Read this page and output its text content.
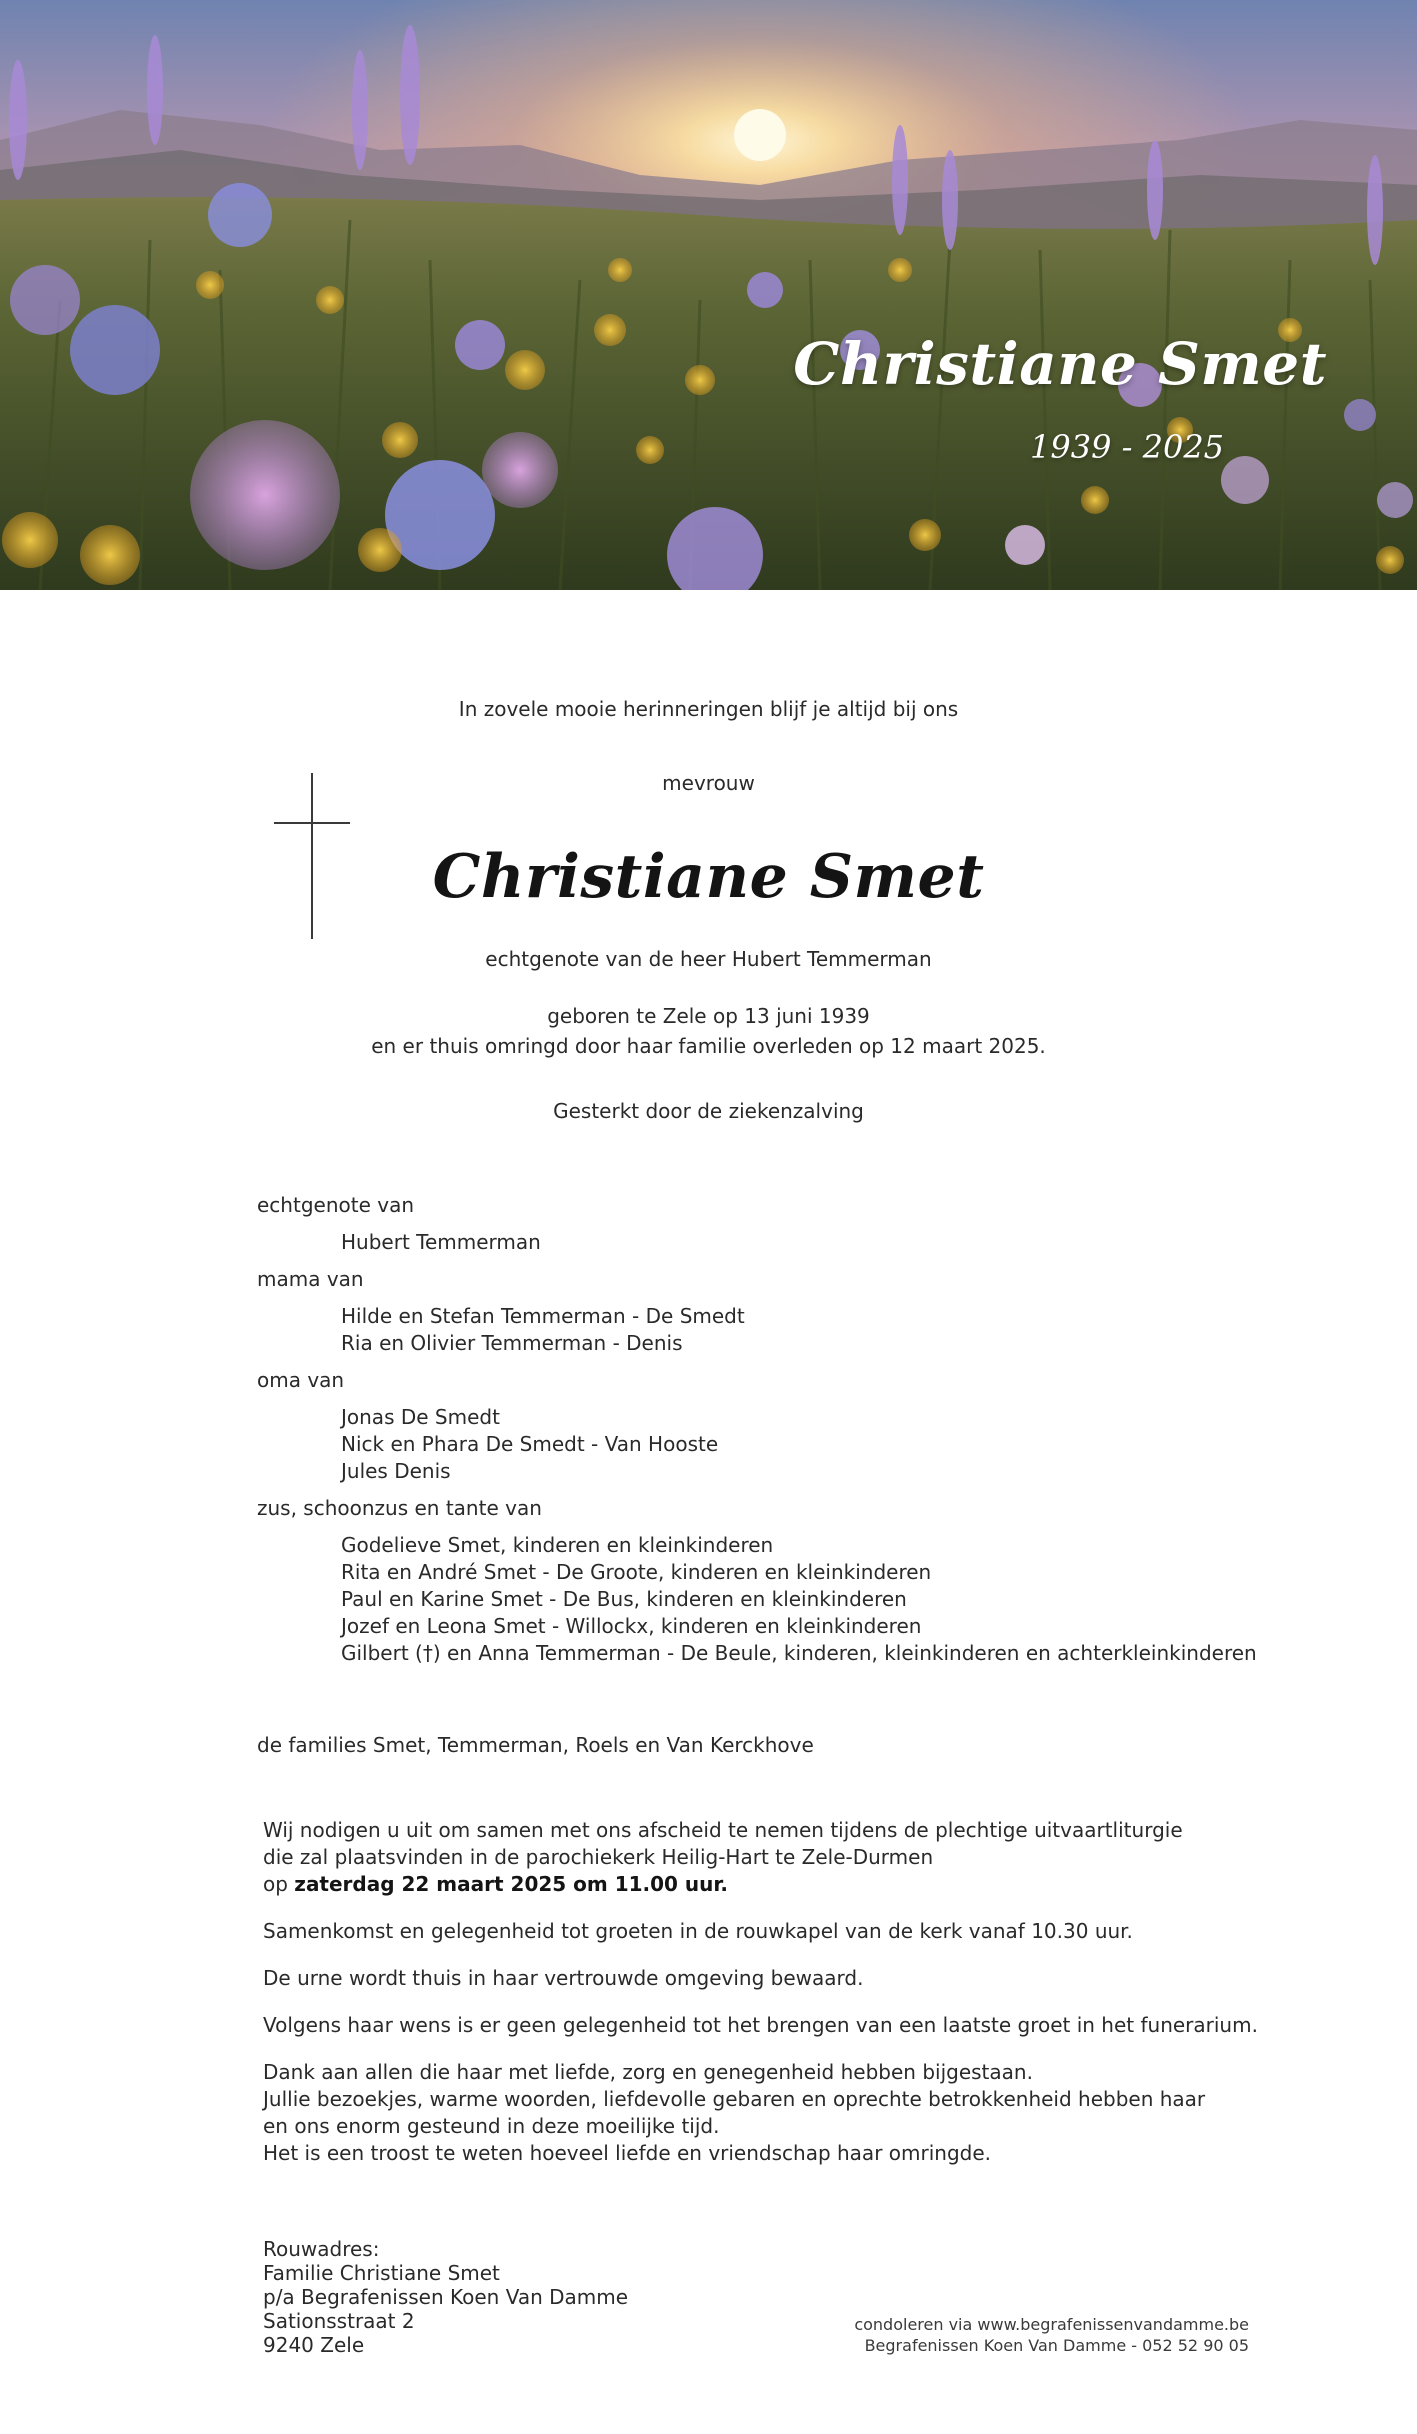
Christiane Smet

1939 - 2025

In zovele mooie herinneringen blijf je altijd bij ons

mevrouw

Christiane Smet

echtgenote van de heer Hubert Temmerman

geboren te Zele op 13 juni 1939

en er thuis omringd door haar familie overleden op 12 maart 2025.

Gesterkt door de ziekenzalving

echtgenote van
Hubert Temmerman
mama van
Hilde en Stefan Temmerman - De Smedt
Ria en Olivier Temmerman - Denis
oma van
Jonas De Smedt
Nick en Phara De Smedt - Van Hooste
Jules Denis
zus, schoonzus en tante van
Godelieve Smet, kinderen en kleinkinderen
Rita en André Smet - De Groote, kinderen en kleinkinderen
Paul en Karine Smet - De Bus, kinderen en kleinkinderen
Jozef en Leona Smet - Willockx, kinderen en kleinkinderen
Gilbert (†) en Anna Temmerman - De Beule, kinderen, kleinkinderen en achterkleinkinderen
de families Smet, Temmerman, Roels en Van Kerckhove

Wij nodigen u uit om samen met ons afscheid te nemen tijdens de plechtige uitvaartliturgie

die zal plaatsvinden in de parochiekerk Heilig-Hart te Zele-Durmen

op zaterdag 22 maart 2025 om 11.00 uur.

Samenkomst en gelegenheid tot groeten in de rouwkapel van de kerk vanaf 10.30 uur.

De urne wordt thuis in haar vertrouwde omgeving bewaard.

Volgens haar wens is er geen gelegenheid tot het brengen van een laatste groet in het funerarium.

Dank aan allen die haar met liefde, zorg en genegenheid hebben bijgestaan.

Jullie bezoekjes, warme woorden, liefdevolle gebaren en oprechte betrokkenheid hebben haar

en ons enorm gesteund in deze moeilijke tijd.

Het is een troost te weten hoeveel liefde en vriendschap haar omringde.

Rouwadres:
Familie Christiane Smet
p/a Begrafenissen Koen Van Damme
Sationsstraat 2
9240 Zele
condoleren via www.begrafenissenvandamme.be
Begrafenissen Koen Van Damme - 052 52 90 05
